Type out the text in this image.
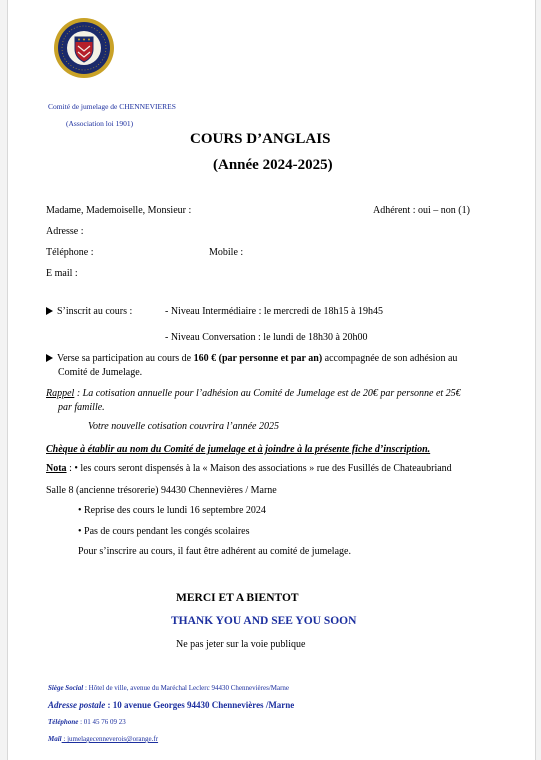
Comité de jumelage de CHENNEVIERES
(Association loi 1901)
COURS D’ANGLAIS
(Année 2024-2025)
Madame, Mademoiselle, Monsieur :	Adhérent : oui – non (1)
Adresse :
Téléphone :	Mobile :
E mail :
S’inscrit au cours :	- Niveau Intermédiaire : le mercredi de 18h15 à 19h45
- Niveau Conversation : le lundi de 18h30 à 20h00
Verse sa participation au cours de 160 € (par personne et par an) accompagnée de son adhésion au
Comité de Jumelage.
Rappel : La cotisation annuelle pour l’adhésion au Comité de Jumelage est de 20€ par personne et 25€
par famille.
Votre nouvelle cotisation couvrira l’année 2025
Chèque à établir au nom du Comité de jumelage et à joindre à la présente fiche d’inscription.
Nota : • les cours seront dispensés à la « Maison des associations » rue des Fusillés de Chateaubriand
Salle 8 (ancienne trésorerie) 94430 Chennevières / Marne
• Reprise des cours le lundi 16 septembre 2024
• Pas de cours pendant les congés scolaires
Pour s’inscrire au cours, il faut être adhérent au comité de jumelage.
MERCI ET A BIENTOT
THANK YOU AND SEE YOU SOON
Ne pas jeter sur la voie publique
Siège Social : Hôtel de ville, avenue du Maréchal Leclerc 94430 Chennevières/Marne
Adresse postale : 10 avenue Georges 94430 Chennevières /Marne
Téléphone : 01 45 76 09 23
Mail : jumelagecenneverois@orange.fr
